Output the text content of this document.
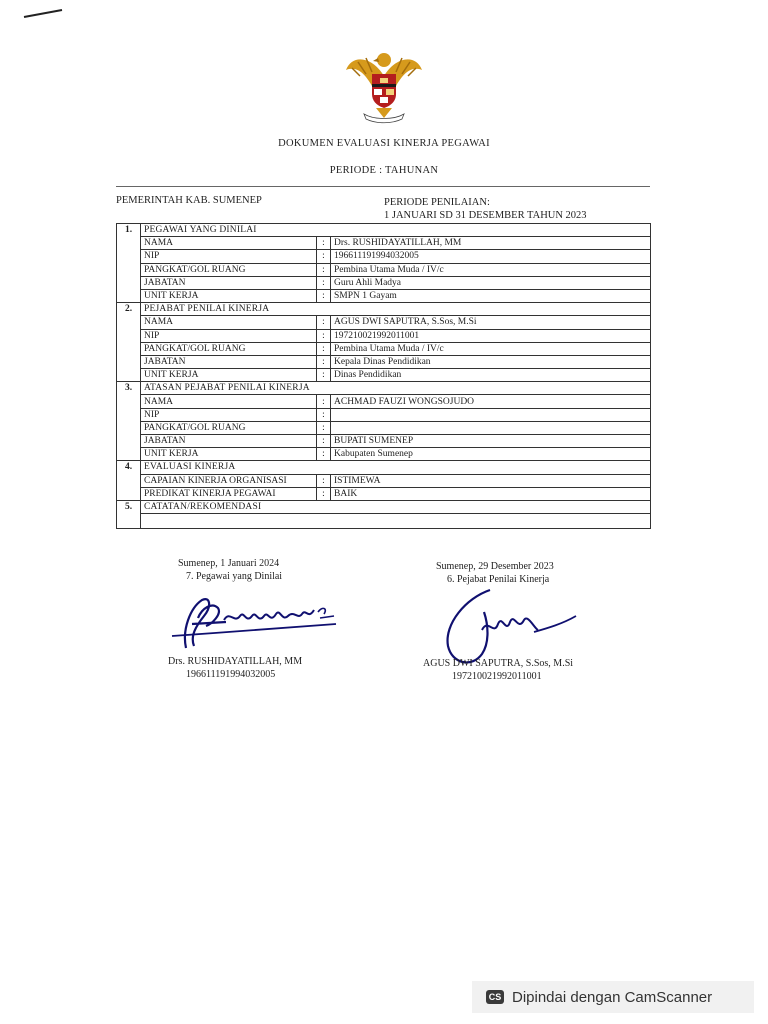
DOKUMEN EVALUASI KINERJA PEGAWAI
PERIODE : TAHUNAN
PEMERINTAH KAB. SUMENEP	PERIODE PENILAIAN:
1 JANUARI SD 31 DESEMBER TAHUN 2023
1.	PEGAWAI YANG DINILAI		
	NAMA	:	Drs. RUSHIDAYATILLAH, MM
	NIP	:	196611191994032005
	PANGKAT/GOL RUANG	:	Pembina Utama Muda / IV/c
	JABATAN	:	Guru Ahli Madya
	UNIT KERJA	:	SMPN 1 Gayam
2.	PEJABAT PENILAI KINERJA		
	NAMA	:	AGUS DWI SAPUTRA, S.Sos, M.Si
	NIP	:	197210021992011001
	PANGKAT/GOL RUANG	:	Pembina Utama Muda / IV/c
	JABATAN	:	Kepala Dinas Pendidikan
	UNIT KERJA	:	Dinas Pendidikan
3.	ATASAN PEJABAT PENILAI KINERJA		
	NAMA	:	ACHMAD FAUZI WONGSOJUDO
	NIP	:	
	PANGKAT/GOL RUANG	:	
	JABATAN	:	BUPATI SUMENEP
	UNIT KERJA	:	Kabupaten Sumenep
4.	EVALUASI KINERJA		
	CAPAIAN KINERJA ORGANISASI	:	ISTIMEWA
	PREDIKAT KINERJA PEGAWAI	:	BAIK
5.	CATATAN/REKOMENDASI		

Sumenep, 1 Januari 2024
7. Pegawai yang Dinilai
Drs. RUSHIDAYATILLAH, MM
196611191994032005
Sumenep, 29 Desember 2023
6. Pejabat Penilai Kinerja
AGUS DWI SAPUTRA, S.Sos, M.Si
197210021992011001
CS Dipindai dengan CamScanner
